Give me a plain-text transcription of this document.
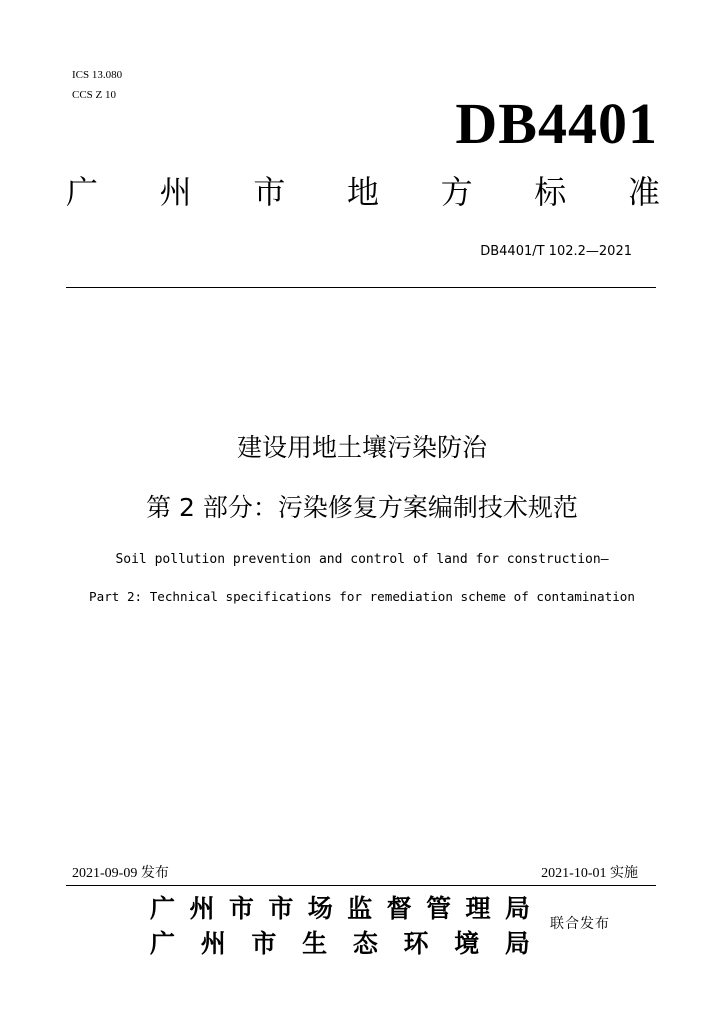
ICS 13.080
CCS Z 10	DB4401
广 州 市 地 方 标 准
DB4401/T 102.2—2021
建设用地土壤污染防治
第 2 部分：污染修复方案编制技术规范
Soil pollution prevention and control of land for construction—
Part 2: Technical specifications for remediation scheme of contamination
2021-09-09 发布	2021-10-01 实施
广 州 市 市 场 监 督 管 理 局
广 州 市 生 态 环 境 局
联合发布
